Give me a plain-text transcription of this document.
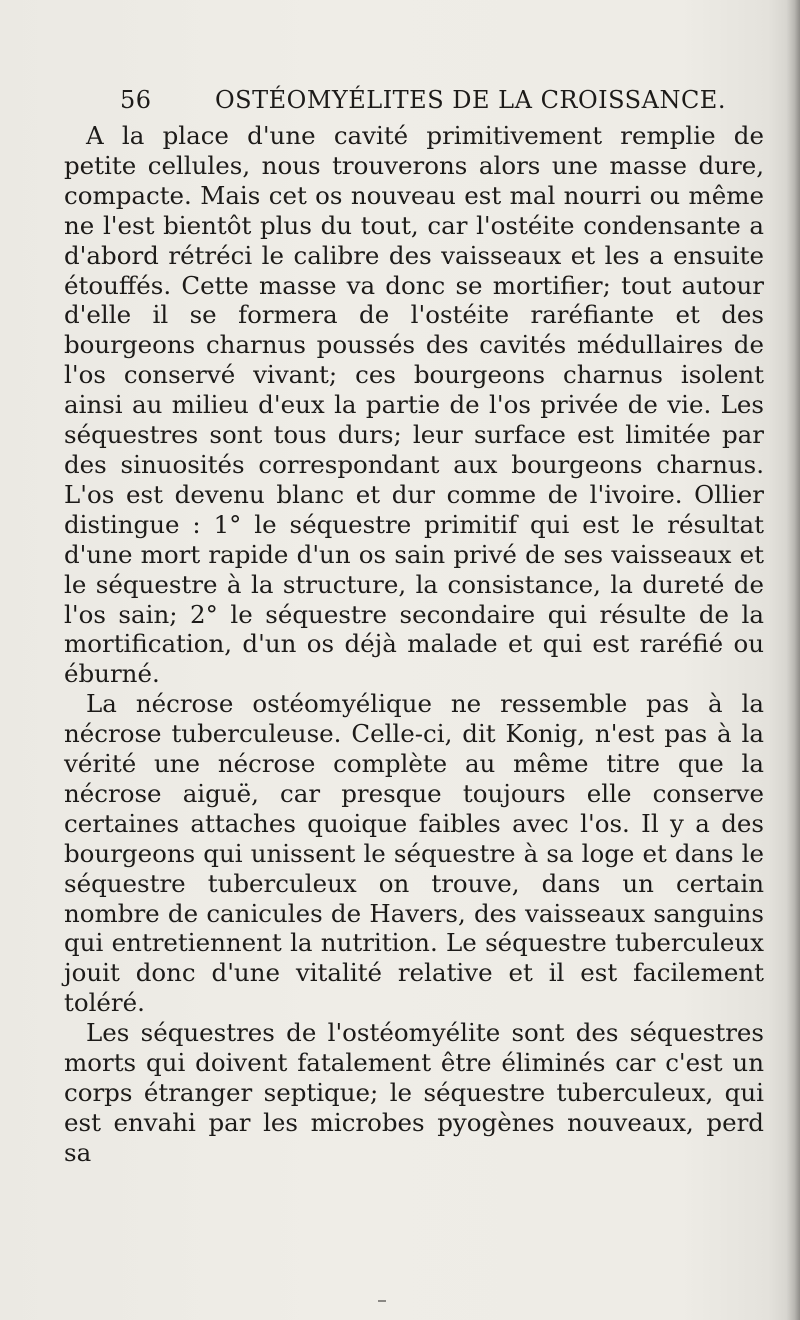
56	OSTÉOMYÉLITES DE LA CROISSANCE.

A la place d'une cavité primitivement remplie de petite cellules, nous trouverons alors une masse dure, compacte. Mais cet os nouveau est mal nourri ou même ne l'est bientôt plus du tout, car l'ostéite condensante a d'abord rétréci le calibre des vaisseaux et les a ensuite étouffés. Cette masse va donc se mortifier; tout autour d'elle il se formera de l'ostéite raréfiante et des bourgeons charnus poussés des cavités médullaires de l'os conservé vivant; ces bourgeons charnus isolent ainsi au milieu d'eux la partie de l'os privée de vie. Les séquestres sont tous durs; leur surface est limitée par des sinuosités correspondant aux bourgeons charnus. L'os est devenu blanc et dur comme de l'ivoire. Ollier distingue : 1° le séquestre primitif qui est le résultat d'une mort rapide d'un os sain privé de ses vaisseaux et le séquestre à la structure, la consistance, la dureté de l'os sain; 2° le séquestre secondaire qui résulte de la mortification, d'un os déjà malade et qui est raréfié ou éburné.

La nécrose ostéomyélique ne ressemble pas à la nécrose tuberculeuse. Celle-ci, dit Konig, n'est pas à la vérité une nécrose complète au même titre que la nécrose aiguë, car presque toujours elle conserve certaines attaches quoique faibles avec l'os. Il y a des bourgeons qui unissent le séquestre à sa loge et dans le séquestre tuberculeux on trouve, dans un certain nombre de canicules de Havers, des vaisseaux sanguins qui entretiennent la nutrition. Le séquestre tuberculeux jouit donc d'une vitalité relative et il est facilement toléré.

Les séquestres de l'ostéomyélite sont des séquestres morts qui doivent fatalement être éliminés car c'est un corps étranger septique; le séquestre tuberculeux, qui est envahi par les microbes pyogènes nouveaux, perd sa
